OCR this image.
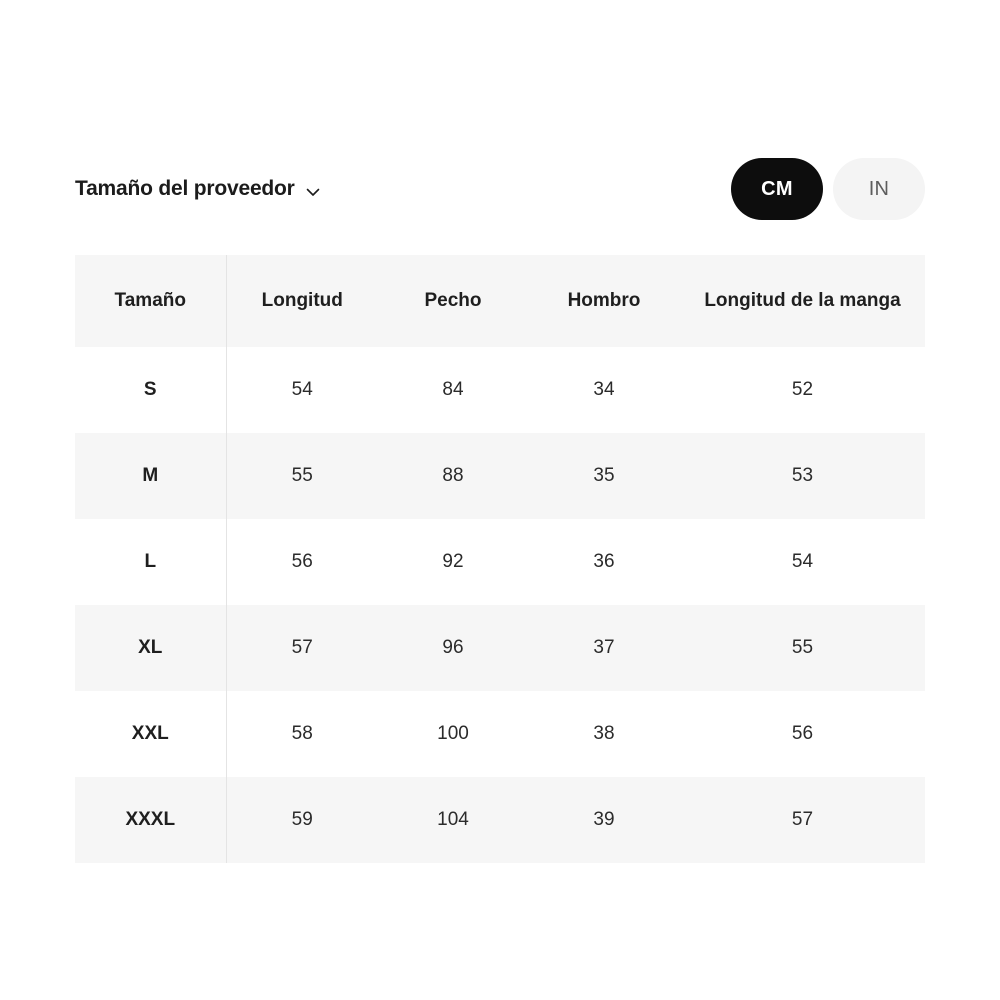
Tamaño del proveedor	CM	IN
Tamaño	Longitud	Pecho	Hombro	Longitud de la manga
S	54	84	34	52
M	55	88	35	53
L	56	92	36	54
XL	57	96	37	55
XXL	58	100	38	56
XXXL	59	104	39	57
